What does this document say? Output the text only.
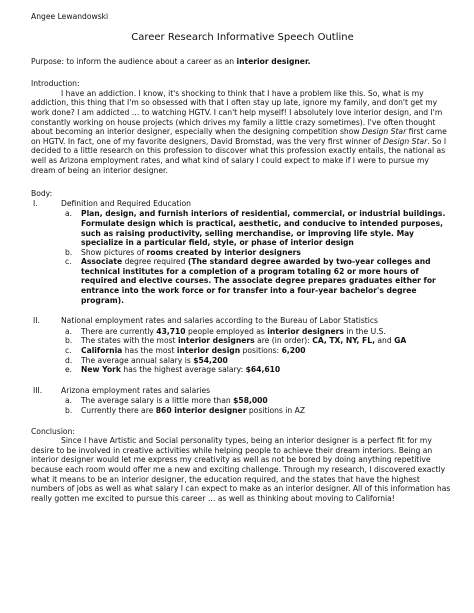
Angee Lewandowski
Career Research Informative Speech Outline
Purpose: to inform the audience about a career as an interior designer.
Introduction:
I have an addiction. I know, it's shocking to think that I have a problem like this. So, what is my addiction, this thing that I'm so obsessed with that I often stay up late, ignore my family, and don't get my work done? I am addicted … to watching HGTV. I can't help myself! I absolutely love interior design, and I'm constantly working on house projects (which drives my family a little crazy sometimes). I've often thought about becoming an interior designer, especially when the designing competition show Design Star first came on HGTV. In fact, one of my favorite designers, David Bromstad, was the very first winner of Design Star. So I decided to a little research on this profession to discover what this profession exactly entails, the national as well as Arizona employment rates, and what kind of salary I could expect to make if I were to pursue my dream of being an interior designer.
Body:
I.	Definition and Required Education
a.	Plan, design, and furnish interiors of residential, commercial, or industrial buildings. Formulate design which is practical, aesthetic, and conducive to intended purposes, such as raising productivity, selling merchandise, or improving life style. May specialize in a particular field, style, or phase of interior design
b.	Show pictures of rooms created by interior designers
c.	Associate degree required (The standard degree awarded by two-year colleges and technical institutes for a completion of a program totaling 62 or more hours of required and elective courses. The associate degree prepares graduates either for entrance into the work force or for transfer into a four-year bachelor's degree program).
II.	National employment rates and salaries according to the Bureau of Labor Statistics
a.	There are currently 43,710 people employed as interior designers in the U.S.
b.	The states with the most interior designers are (in order): CA, TX, NY, FL, and GA
c.	California has the most interior design positions: 6,200
d.	The average annual salary is $54,200
e.	New York has the highest average salary: $64,610
III.	Arizona employment rates and salaries
a.	The average salary is a little more than $58,000
b.	Currently there are 860 interior designer positions in AZ
Conclusion:
Since I have Artistic and Social personality types, being an interior designer is a perfect fit for my desire to be involved in creative activities while helping people to achieve their dream interiors. Being an interior designer would let me express my creativity as well as not be bored by doing anything repetitive because each room would offer me a new and exciting challenge. Through my research, I discovered exactly what it means to be an interior designer, the education required, and the states that have the highest numbers of jobs as well as what salary I can expect to make as an interior designer. All of this information has really gotten me excited to pursue this career … as well as thinking about moving to California!
